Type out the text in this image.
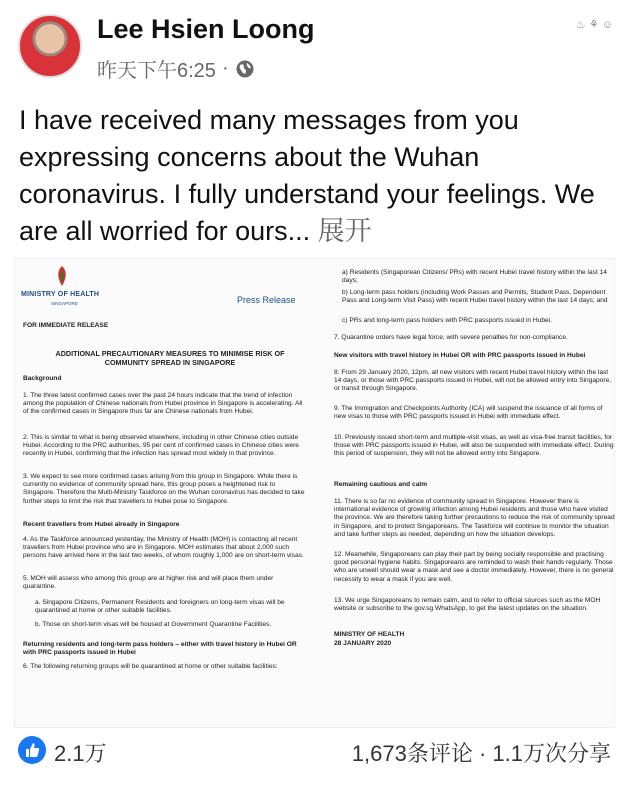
Lee Hsien Loong
昨天下午6:25 ·
♨ ⚘ ☺
I have received many messages from you expressing concerns about the Wuhan coronavirus. I fully understand your feelings. We are all worried for ours... 展开
MINISTRY OF HEALTH
SINGAPORE	Press Release
FOR IMMEDIATE RELEASE
ADDITIONAL PRECAUTIONARY MEASURES TO MINIMISE RISK OF COMMUNITY SPREAD IN SINGAPORE
Background
1. The three latest confirmed cases over the past 24 hours indicate that the trend of infection among the population of Chinese nationals from Hubei province in Singapore is accelerating. All of the confirmed cases in Singapore thus far are Chinese nationals from Hubei.
2. This is similar to what is being observed elsewhere, including in other Chinese cities outside Hubei. According to the PRC authorities, 95 per cent of confirmed cases in Chinese cities were recently in Hubei, confirming that the infection has spread most widely in that province.
3. We expect to see more confirmed cases arising from this group in Singapore. While there is currently no evidence of community spread here, this group poses a heightened risk to Singapore. Therefore the Multi-Ministry Taskforce on the Wuhan coronavirus has decided to take further steps to limit the risk that travellers to Hubei pose to Singapore.
Recent travellers from Hubei already in Singapore
4. As the Taskforce announced yesterday, the Ministry of Health (MOH) is contacting all recent travellers from Hubei province who are in Singapore. MOH estimates that about 2,000 such persons have arrived here in the last two weeks, of whom roughly 1,000 are on short-term visas.
5. MOH will assess who among this group are at higher risk and will place them under quarantine.
a. Singapore Citizens, Permanent Residents and foreigners on long-term visas will be quarantined at home or other suitable facilities.
b. Those on short-term visas will be housed at Government Quarantine Facilities.
Returning residents and long-term pass holders – either with travel history in Hubei OR with PRC passports issued in Hubei
6. The following returning groups will be quarantined at home or other suitable facilities:
a) Residents (Singaporean Citizens/ PRs) with recent Hubei travel history within the last 14 days;
b) Long-term pass holders (including Work Passes and Permits, Student Pass, Dependent Pass and Long-term Visit Pass) with recent Hubei travel history within the last 14 days; and
c) PRs and long-term pass holders with PRC passports issued in Hubei.
7. Quarantine orders have legal force, with severe penalties for non-compliance.
New visitors with travel history in Hubei OR with PRC passports issued in Hubei
8. From 29 January 2020, 12pm, all new visitors with recent Hubei travel history within the last 14 days, or those with PRC passports issued in Hubei, will not be allowed entry into Singapore, or transit through Singapore.
9. The Immigration and Checkpoints Authority (ICA) will suspend the issuance of all forms of new visas to those with PRC passports issued in Hubei with immediate effect.
10. Previously issued short-term and multiple-visit visas, as well as visa-free transit facilities, for those with PRC passports issued in Hubei, will also be suspended with immediate effect. During this period of suspension, they will not be allowed entry into Singapore.
Remaining cautious and calm
11. There is so far no evidence of community spread in Singapore. However there is international evidence of growing infection among Hubei residents and those who have visited the province. We are therefore taking further precautions to reduce the risk of community spread in Singapore, and to protect Singaporeans. The Taskforce will continue to monitor the situation and take further steps as needed, depending on how the situation develops.
12. Meanwhile, Singaporeans can play their part by being socially responsible and practising good personal hygiene habits. Singaporeans are reminded to wash their hands regularly. Those who are unwell should wear a mask and see a doctor immediately. However, there is no general necessity to wear a mask if you are well.
13. We urge Singaporeans to remain calm, and to refer to official sources such as the MOH website or subscribe to the gov.sg WhatsApp, to get the latest updates on the situation.
MINISTRY OF HEALTH
28 JANUARY 2020
2.1万	1,673条评论 · 1.1万次分享
